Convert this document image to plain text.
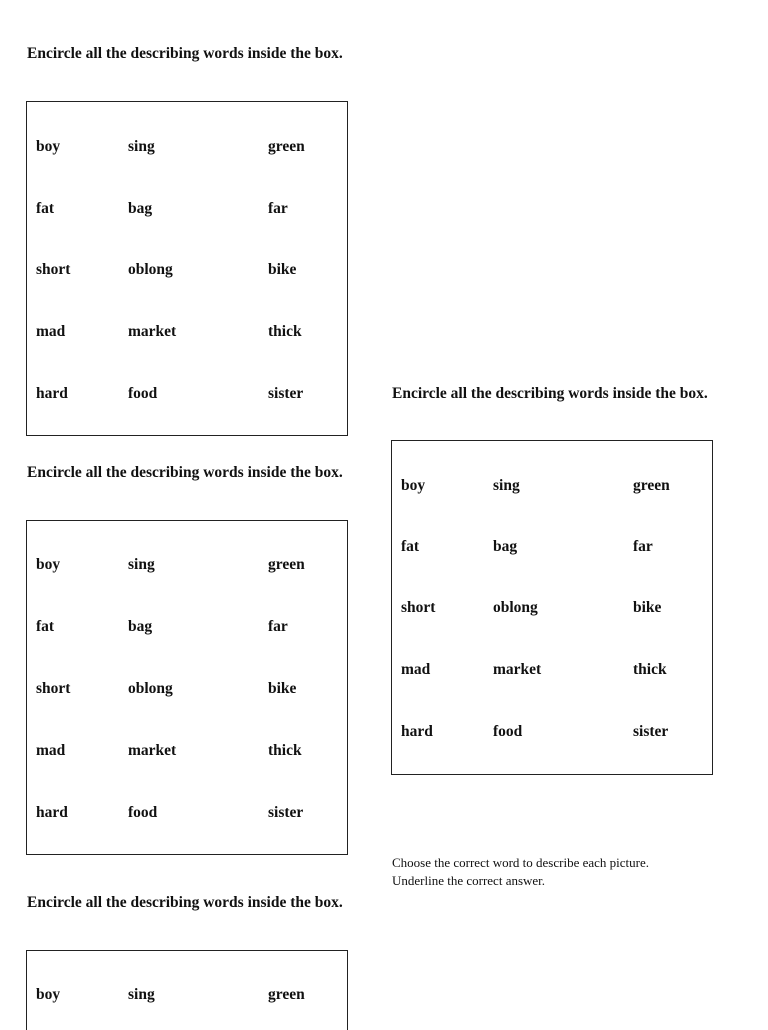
Encircle all the describing words inside the box.

boy	sing	green
fat	bag	far
short	oblong	bike
mad	market	thick
hard	food	sister

Encircle all the describing words inside the box.

boy	sing	green
fat	bag	far
short	oblong	bike
mad	market	thick
hard	food	sister

Encircle all the describing words inside the box.

boy	sing	green

Encircle all the describing words inside the box.

boy	sing	green
fat	bag	far
short	oblong	bike
mad	market	thick
hard	food	sister

Choose the correct word to describe each picture.

Underline the correct answer.
